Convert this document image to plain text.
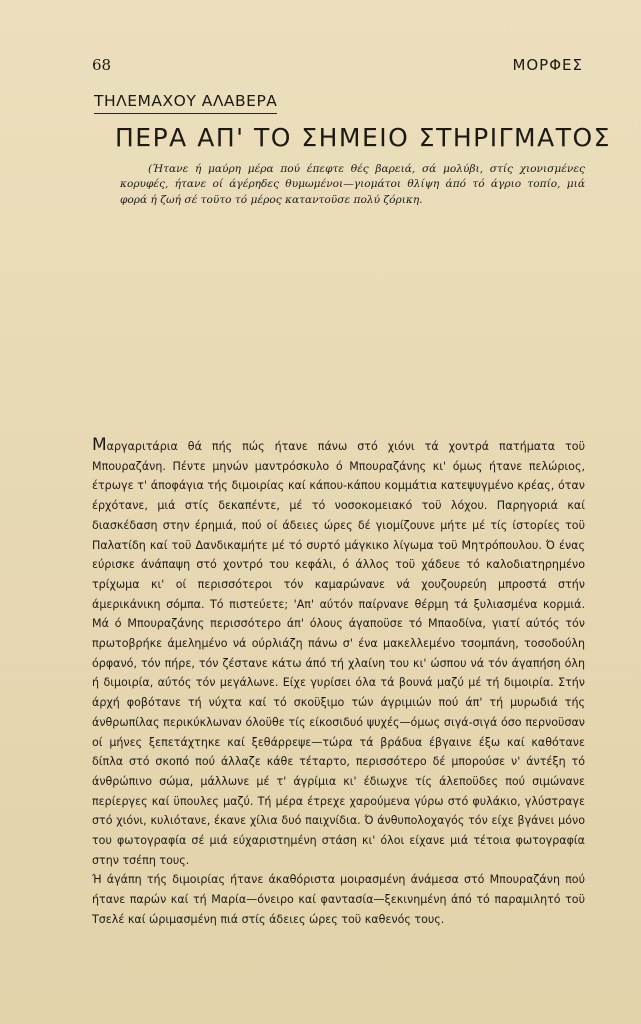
68	ΜΟΡΦΕΣ
ΤΗΛΕΜΑΧΟΥ ΑΛΑΒΕΡΑ
ΠΕΡΑ ΑΠ' ΤΟ ΣΗΜΕΙΟ ΣΤΗΡΙΓΜΑΤΟΣ

(Ήτανε ή μαύρη μέρα πού έπεφτε θές βαρειά, σά μολύβι, στίς χιονισμένες κορυφές, ήτανε οί άγέρηδες θυμωμένοι—γιομάτοι θλίψη άπό τό άγριο τοπίο, μιά φορά ή ζωή σέ τοϋτο τό μέρος καταντοϋσε πολύ ζόρικη.

Μαργαριτάρια θά πής πώς ήτανε πάνω στό χιόνι τά χοντρά πατήματα τοϋ Μπουραζάνη. Πέντε μηνών μαντρόσκυλο ό Μπουραζάνης κι' όμως ήτανε πελώριος, έτρωγε τ' άποφάγια τής διμοιρίας καί κάπου-κάπου κομμάτια κατεψυγμένο κρέας, όταν έρχότανε, μιά στίς δεκαπέντε, μέ τό νοσοκομειακό τοϋ λόχου. Παρηγοριά καί διασκέδαση στην έρημιά, πού οί άδειες ώρες δέ γιομίζουνε μήτε μέ τίς ίστορίες τοϋ Παλατίδη καί τοϋ Δανδικαμήτε μέ τό συρτό μάγκικο λίγωμα τοϋ Μητρόπουλου. Ό ένας εύρισκε άνάπαψη στό χοντρό του κεφάλι, ό άλλος τοϋ χάδευε τό καλοδιατηρημένο τρίχωμα κι' οί περισσότεροι τόν καμαρώνανε νά χουζουρεύη μπροστά στήν άμερικάνικη σόμπα. Τό πιστεύετε; 'Απ' αύτόν παίρνανε θέρμη τά ξυλιασμένα κορμιά. Μά ό Μπουραζάνης περισσότερο άπ' όλους άγαποϋσε τό Μπαοδίνα, γιατί αύτός τόν πρωτοβρήκε άμελημένο νά ούρλιάζη πάνω σ' ένα μακελλεμένο τσομπάνη, τοσοδούλη όρφανό, τόν πήρε, τόν ζέστανε κάτω άπό τή χλαίνη του κι' ώσπου νά τόν άγαπήση όλη ή διμοιρία, αύτός τόν μεγάλωνε. Είχε γυρίσει όλα τά βουνά μαζύ μέ τή διμοιρία. Στήν άρχή φοβότανε τή νύχτα καί τό σκοϋξιμο τών άγριμιών πού άπ' τή μυρωδιά τής άνθρωπίλας περικύκλωναν όλοϋθε τίς είκοσιδυό ψυχές—όμως σιγά-σιγά όσο περνοϋσαν οί μήνες ξεπετάχτηκε καί ξεθάρρεψε—τώρα τά βράδυα έβγαινε έξω καί καθότανε δίπλα στό σκοπό πού άλλαζε κάθε τέταρτο, περισσότερο δέ μπορούσε ν' άντέξη τό άνθρώπινο σώμα, μάλλωνε μέ τ' άγρίμια κι' έδιωχνε τίς άλεποϋδες πού σιμώνανε περίεργες καί ϋπουλες μαζύ. Τή μέρα έτρεχε χαρούμενα γύρω στό φυλάκιο, γλύστραγε στό χιόνι, κυλιότανε, έκανε χίλια δυό παιχνίδια. Ό άνθυπολοχαγός τόν είχε βγάνει μόνο του φωτογραφία σέ μιά εύχαριστημένη στάση κι' όλοι είχανε μιά τέτοια φωτογραφία στην τσέπη τους.

Ή άγάπη τής διμοιρίας ήτανε άκαθόριστα μοιρασμένη άνάμεσα στό Μπουραζάνη πού ήτανε παρών καί τή Μαρία—όνειρο καί φαντασία—ξεκινημένη άπό τό παραμιλητό τοϋ Τσελέ καί ώριμασμένη πιά στίς άδειες ώρες τοϋ καθενός τους.
